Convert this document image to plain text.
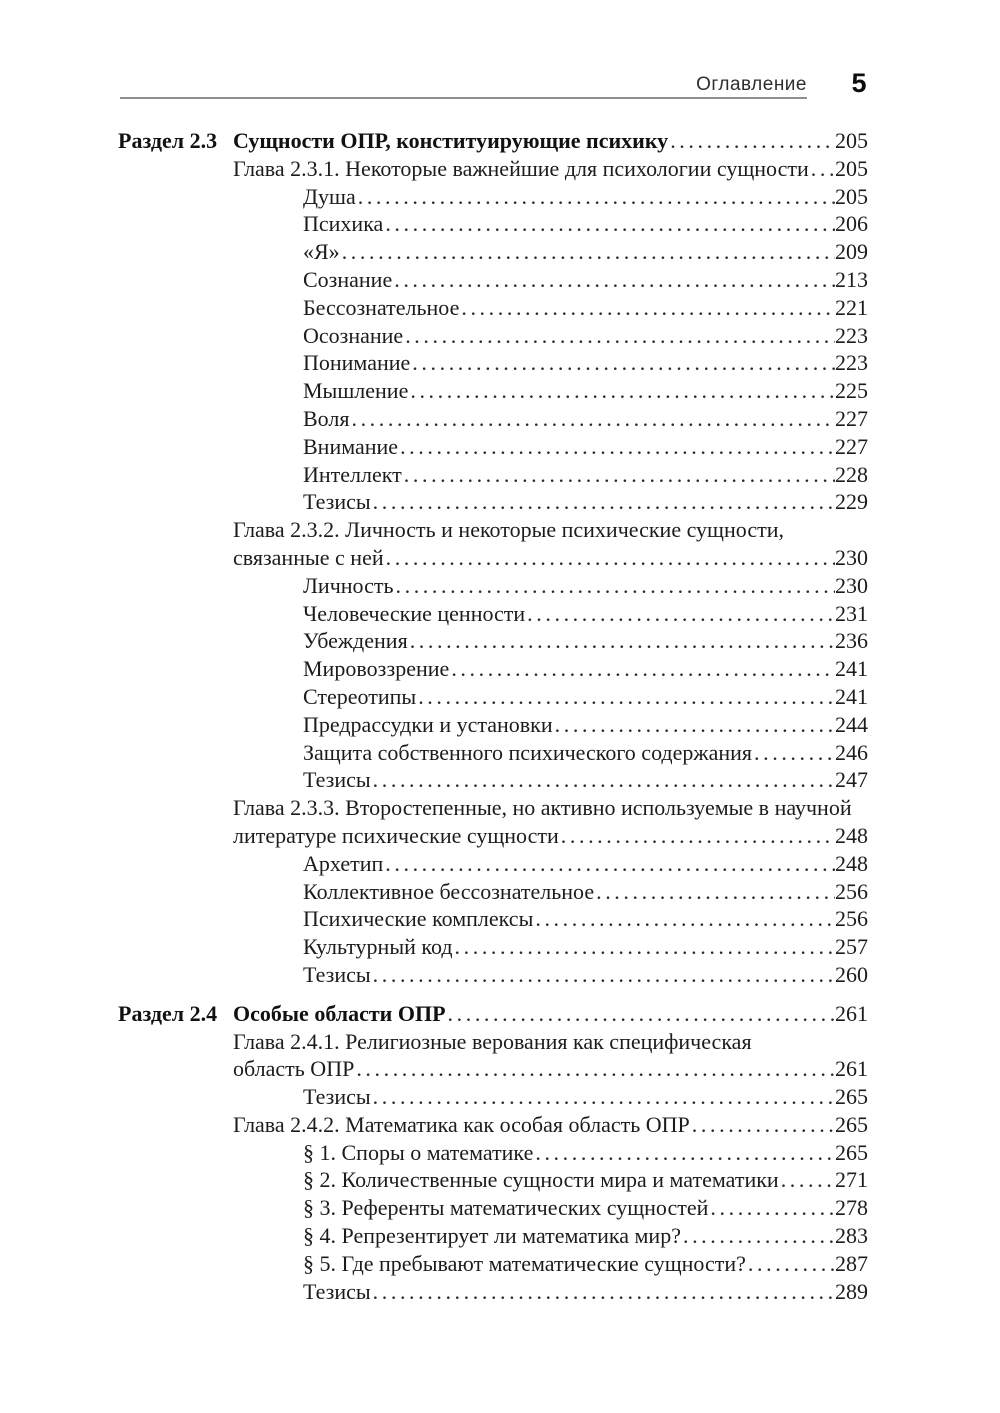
Оглавление 5
Раздел 2.3 Сущности ОПР, конституирующие психику .....	205
Глава 2.3.1. Некоторые важнейшие для психологии сущности ..... 205
Душа .....	205
Психика .....	206
«Я» .....	209
Сознание .....	213
Бессознательное .....	221
Осознание .....	223
Понимание .....	223
Мышление .....	225
Воля .....	227
Внимание .....	227
Интеллект .....	228
Тезисы .....	229
Глава 2.3.2. Личность и некоторые психические сущности,
связанные с ней .....	230
Личность .....	230
Человеческие ценности .....	231
Убеждения .....	236
Мировоззрение .....	241
Стереотипы .....	241
Предрассудки и установки .....	244
Защита собственного психического содержания .....	246
Тезисы .....	247
Глава 2.3.3. Второстепенные, но активно используемые в научной
литературе психические сущности .....	248
Архетип .....	248
Коллективное бессознательное .....	256
Психические комплексы .....	256
Культурный код .....	257
Тезисы .....	260
Раздел 2.4 Особые области ОПР .....	261
Глава 2.4.1. Религиозные верования как специфическая
область ОПР .....	261
Тезисы .....	265
Глава 2.4.2. Математика как особая область ОПР .....	265
§ 1. Споры о математике .....	265
§ 2. Количественные сущности мира и математики .....	271
§ 3. Референты математических сущностей .....	278
§ 4. Репрезентирует ли математика мир? .....	283
§ 5. Где пребывают математические сущности? .....	287
Тезисы .....	289
